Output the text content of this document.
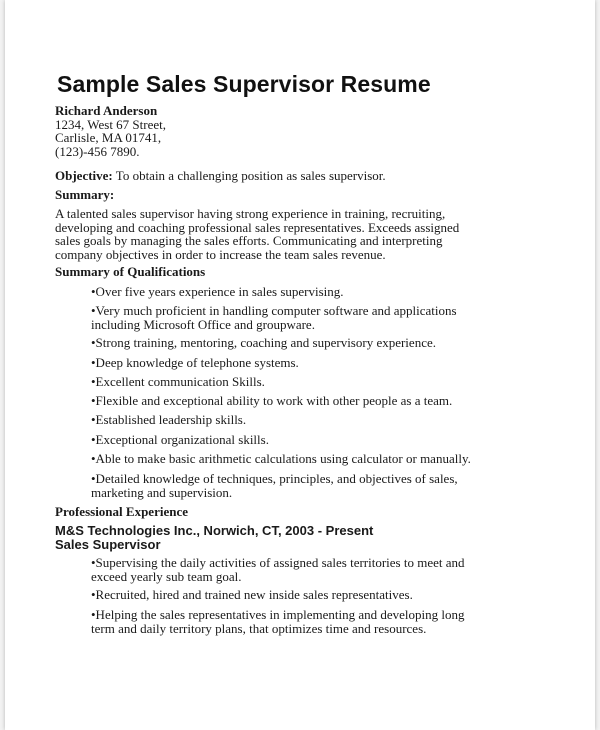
Sample Sales Supervisor Resume
Richard Anderson
1234, West 67 Street,
Carlisle, MA 01741,
(123)-456 7890.
Objective: To obtain a challenging position as sales supervisor.
Summary:
A talented sales supervisor having strong experience in training, recruiting,
developing and coaching professional sales representatives. Exceeds assigned
sales goals by managing the sales efforts. Communicating and interpreting
company objectives in order to increase the team sales revenue.
Summary of Qualifications
•Over five years experience in sales supervising.
•Very much proficient in handling computer software and applications
including Microsoft Office and groupware.
•Strong training, mentoring, coaching and supervisory experience.
•Deep knowledge of telephone systems.
•Excellent communication Skills.
•Flexible and exceptional ability to work with other people as a team.
•Established leadership skills.
•Exceptional organizational skills.
•Able to make basic arithmetic calculations using calculator or manually.
•Detailed knowledge of techniques, principles, and objectives of sales,
marketing and supervision.
Professional Experience
M&S Technologies Inc., Norwich, CT, 2003 - Present
Sales Supervisor
•Supervising the daily activities of assigned sales territories to meet and
exceed yearly sub team goal.
•Recruited, hired and trained new inside sales representatives.
•Helping the sales representatives in implementing and developing long
term and daily territory plans, that optimizes time and resources.
